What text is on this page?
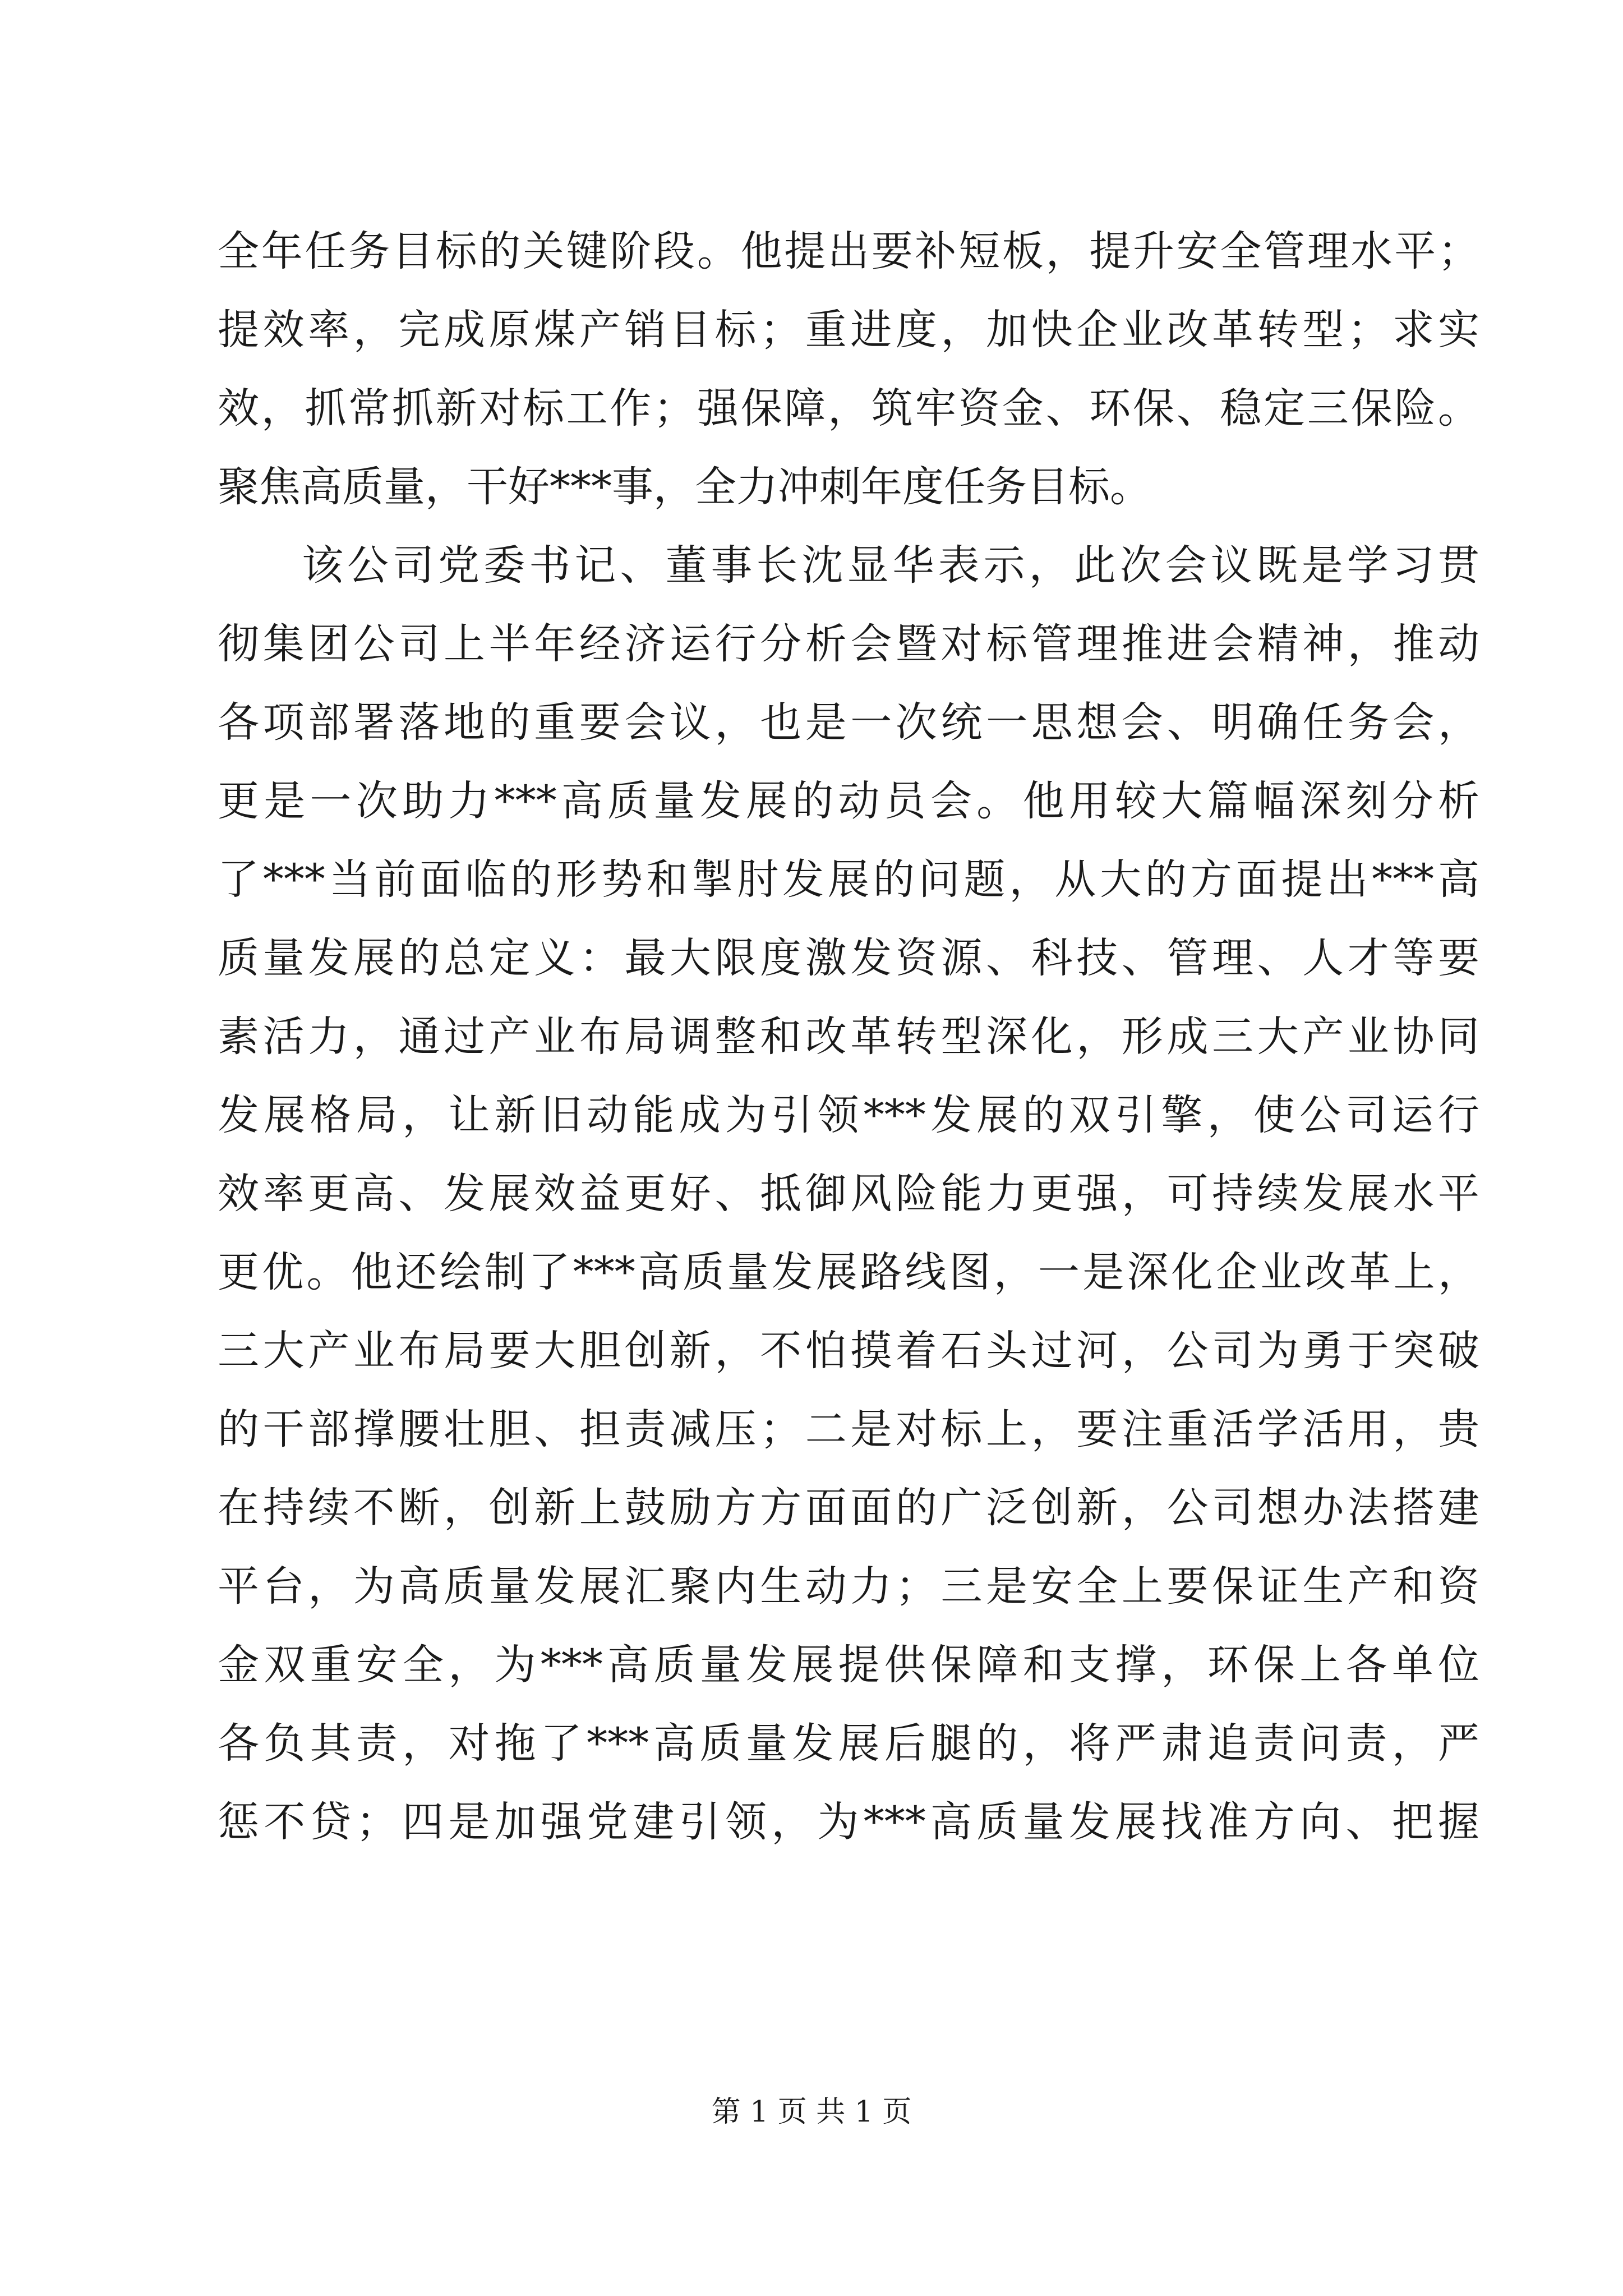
全年任务目标的关键阶段。他提出要补短板，提升安全管理水平；
提效率，完成原煤产销目标；重进度，加快企业改革转型；求实
效，抓常抓新对标工作；强保障，筑牢资金、环保、稳定三保险。
聚焦高质量，干好***事，全力冲刺年度任务目标。
该公司党委书记、董事长沈显华表示，此次会议既是学习贯
彻集团公司上半年经济运行分析会暨对标管理推进会精神，推动
各项部署落地的重要会议，也是一次统一思想会、明确任务会，
更是一次助力***高质量发展的动员会。他用较大篇幅深刻分析
了***当前面临的形势和掣肘发展的问题，从大的方面提出***高
质量发展的总定义：最大限度激发资源、科技、管理、人才等要
素活力，通过产业布局调整和改革转型深化，形成三大产业协同
发展格局，让新旧动能成为引领***发展的双引擎，使公司运行
效率更高、发展效益更好、抵御风险能力更强，可持续发展水平
更优。他还绘制了***高质量发展路线图，一是深化企业改革上，
三大产业布局要大胆创新，不怕摸着石头过河，公司为勇于突破
的干部撑腰壮胆、担责减压；二是对标上，要注重活学活用，贵
在持续不断，创新上鼓励方方面面的广泛创新，公司想办法搭建
平台，为高质量发展汇聚内生动力；三是安全上要保证生产和资
金双重安全，为***高质量发展提供保障和支撑，环保上各单位
各负其责，对拖了***高质量发展后腿的，将严肃追责问责，严
惩不贷；四是加强党建引领，为***高质量发展找准方向、把握
第 1 页 共 1 页
